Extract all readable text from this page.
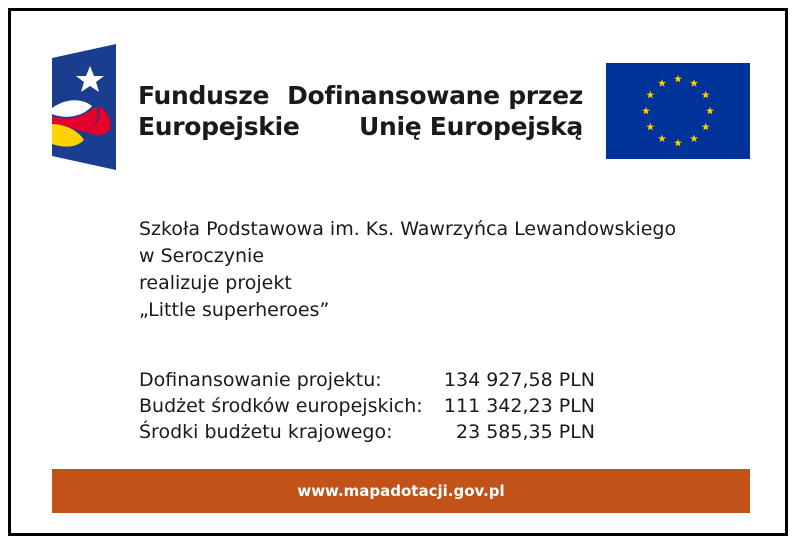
Fundusze
Europejskie
Dofinansowane przez
Unię Europejską
Szkoła Podstawowa im. Ks. Wawrzyńca Lewandowskiego
w Seroczynie
realizuje projekt
„Little superheroes”
Dofinansowanie projektu:	134 927,58 PLN
Budżet środków europejskich:	111 342,23 PLN
Środki budżetu krajowego:	23 585,35 PLN
www.mapadotacji.gov.pl
